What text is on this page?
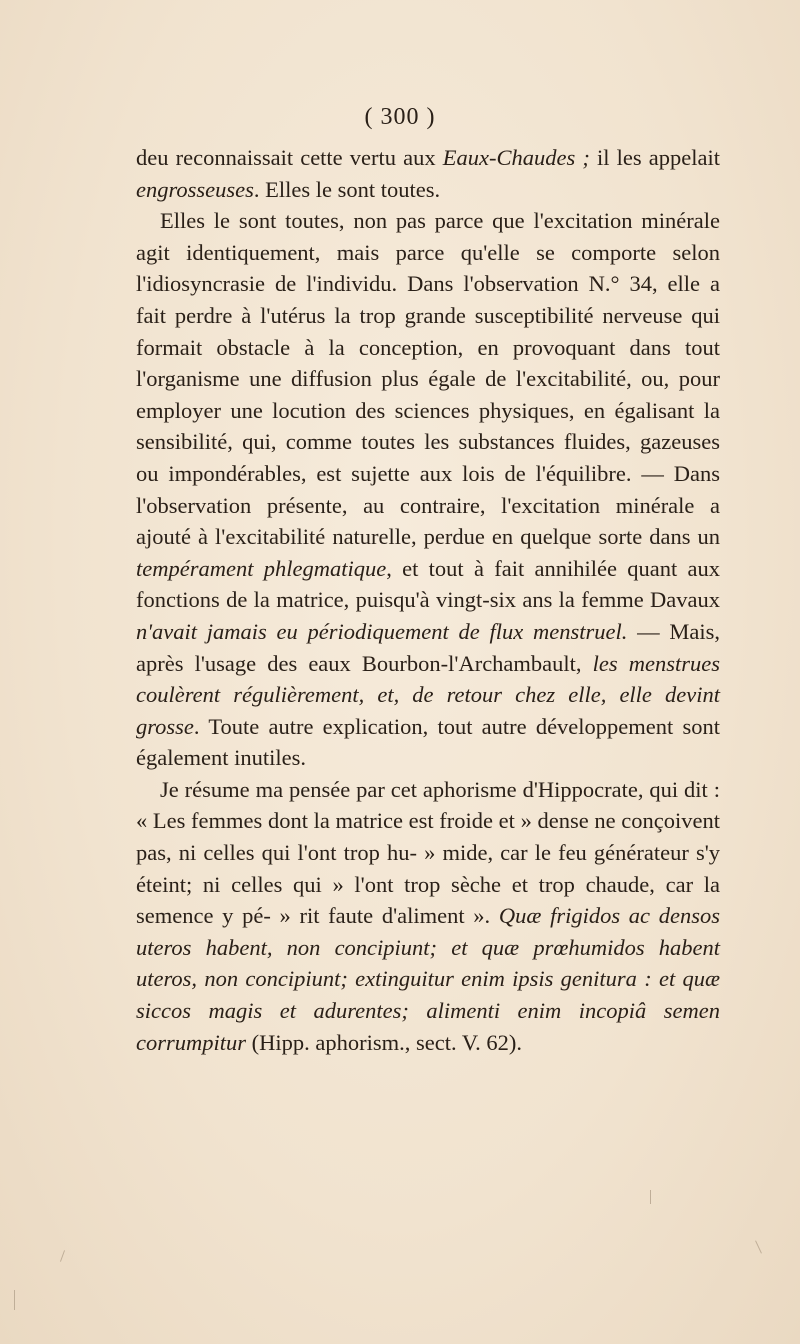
( 300 )

deu reconnaissait cette vertu aux Eaux-Chaudes ; il les appelait engrosseuses. Elles le sont toutes.

Elles le sont toutes, non pas parce que l'excitation minérale agit identiquement, mais parce qu'elle se comporte selon l'idiosyncrasie de l'individu. Dans l'observation N.° 34, elle a fait perdre à l'utérus la trop grande susceptibilité nerveuse qui formait obstacle à la conception, en provoquant dans tout l'organisme une diffusion plus égale de l'excitabilité, ou, pour employer une locution des sciences physiques, en égalisant la sensibilité, qui, comme toutes les substances fluides, gazeuses ou impondérables, est sujette aux lois de l'équilibre. — Dans l'observation présente, au contraire, l'excitation minérale a ajouté à l'excitabilité naturelle, perdue en quelque sorte dans un tempérament phlegmatique, et tout à fait annihilée quant aux fonctions de la matrice, puisqu'à vingt-six ans la femme Davaux n'avait jamais eu périodiquement de flux menstruel. — Mais, après l'usage des eaux Bourbon-l'Archambault, les menstrues coulèrent régulièrement, et, de retour chez elle, elle devint grosse. Toute autre explication, tout autre développement sont également inutiles.

Je résume ma pensée par cet aphorisme d'Hippocrate, qui dit : « Les femmes dont la matrice est froide et » dense ne conçoivent pas, ni celles qui l'ont trop hu- » mide, car le feu générateur s'y éteint; ni celles qui » l'ont trop sèche et trop chaude, car la semence y pé- » rit faute d'aliment ». Quæ frigidos ac densos uteros habent, non concipiunt; et quæ prœhumidos habent uteros, non concipiunt; extinguitur enim ipsis genitura : et quæ siccos magis et adurentes; alimenti enim incopiâ semen corrumpitur (Hipp. aphorism., sect. V. 62).
